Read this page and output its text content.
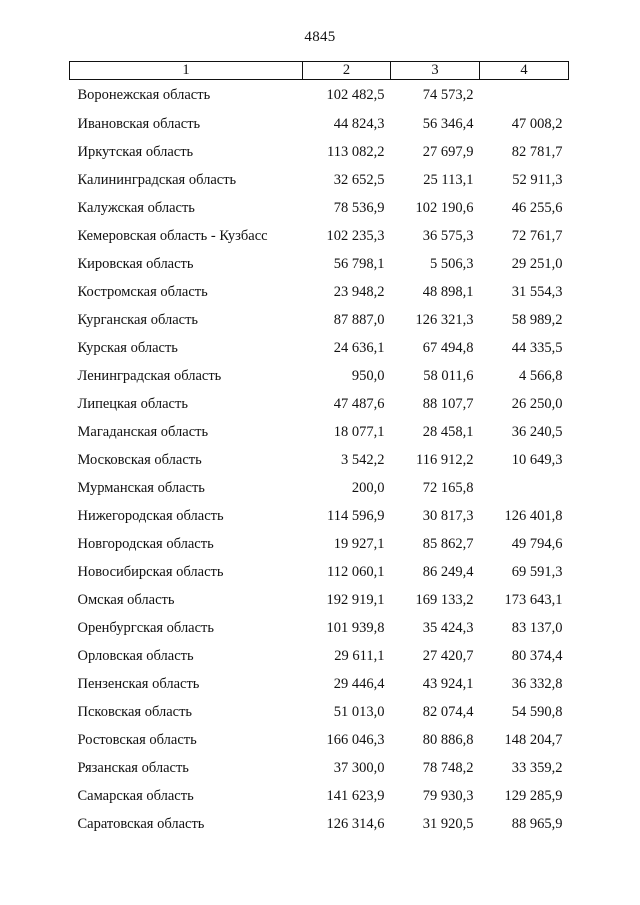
4845
1	2	3	4
Воронежская область	102 482,5	74 573,2	
Ивановская область	44 824,3	56 346,4	47 008,2
Иркутская область	113 082,2	27 697,9	82 781,7
Калининградская область	32 652,5	25 113,1	52 911,3
Калужская область	78 536,9	102 190,6	46 255,6
Кемеровская область - Кузбасс	102 235,3	36 575,3	72 761,7
Кировская область	56 798,1	5 506,3	29 251,0
Костромская область	23 948,2	48 898,1	31 554,3
Курганская область	87 887,0	126 321,3	58 989,2
Курская область	24 636,1	67 494,8	44 335,5
Ленинградская область	950,0	58 011,6	4 566,8
Липецкая область	47 487,6	88 107,7	26 250,0
Магаданская область	18 077,1	28 458,1	36 240,5
Московская область	3 542,2	116 912,2	10 649,3
Мурманская область	200,0	72 165,8	
Нижегородская область	114 596,9	30 817,3	126 401,8
Новгородская область	19 927,1	85 862,7	49 794,6
Новосибирская область	112 060,1	86 249,4	69 591,3
Омская область	192 919,1	169 133,2	173 643,1
Оренбургская область	101 939,8	35 424,3	83 137,0
Орловская область	29 611,1	27 420,7	80 374,4
Пензенская область	29 446,4	43 924,1	36 332,8
Псковская область	51 013,0	82 074,4	54 590,8
Ростовская область	166 046,3	80 886,8	148 204,7
Рязанская область	37 300,0	78 748,2	33 359,2
Самарская область	141 623,9	79 930,3	129 285,9
Саратовская область	126 314,6	31 920,5	88 965,9
